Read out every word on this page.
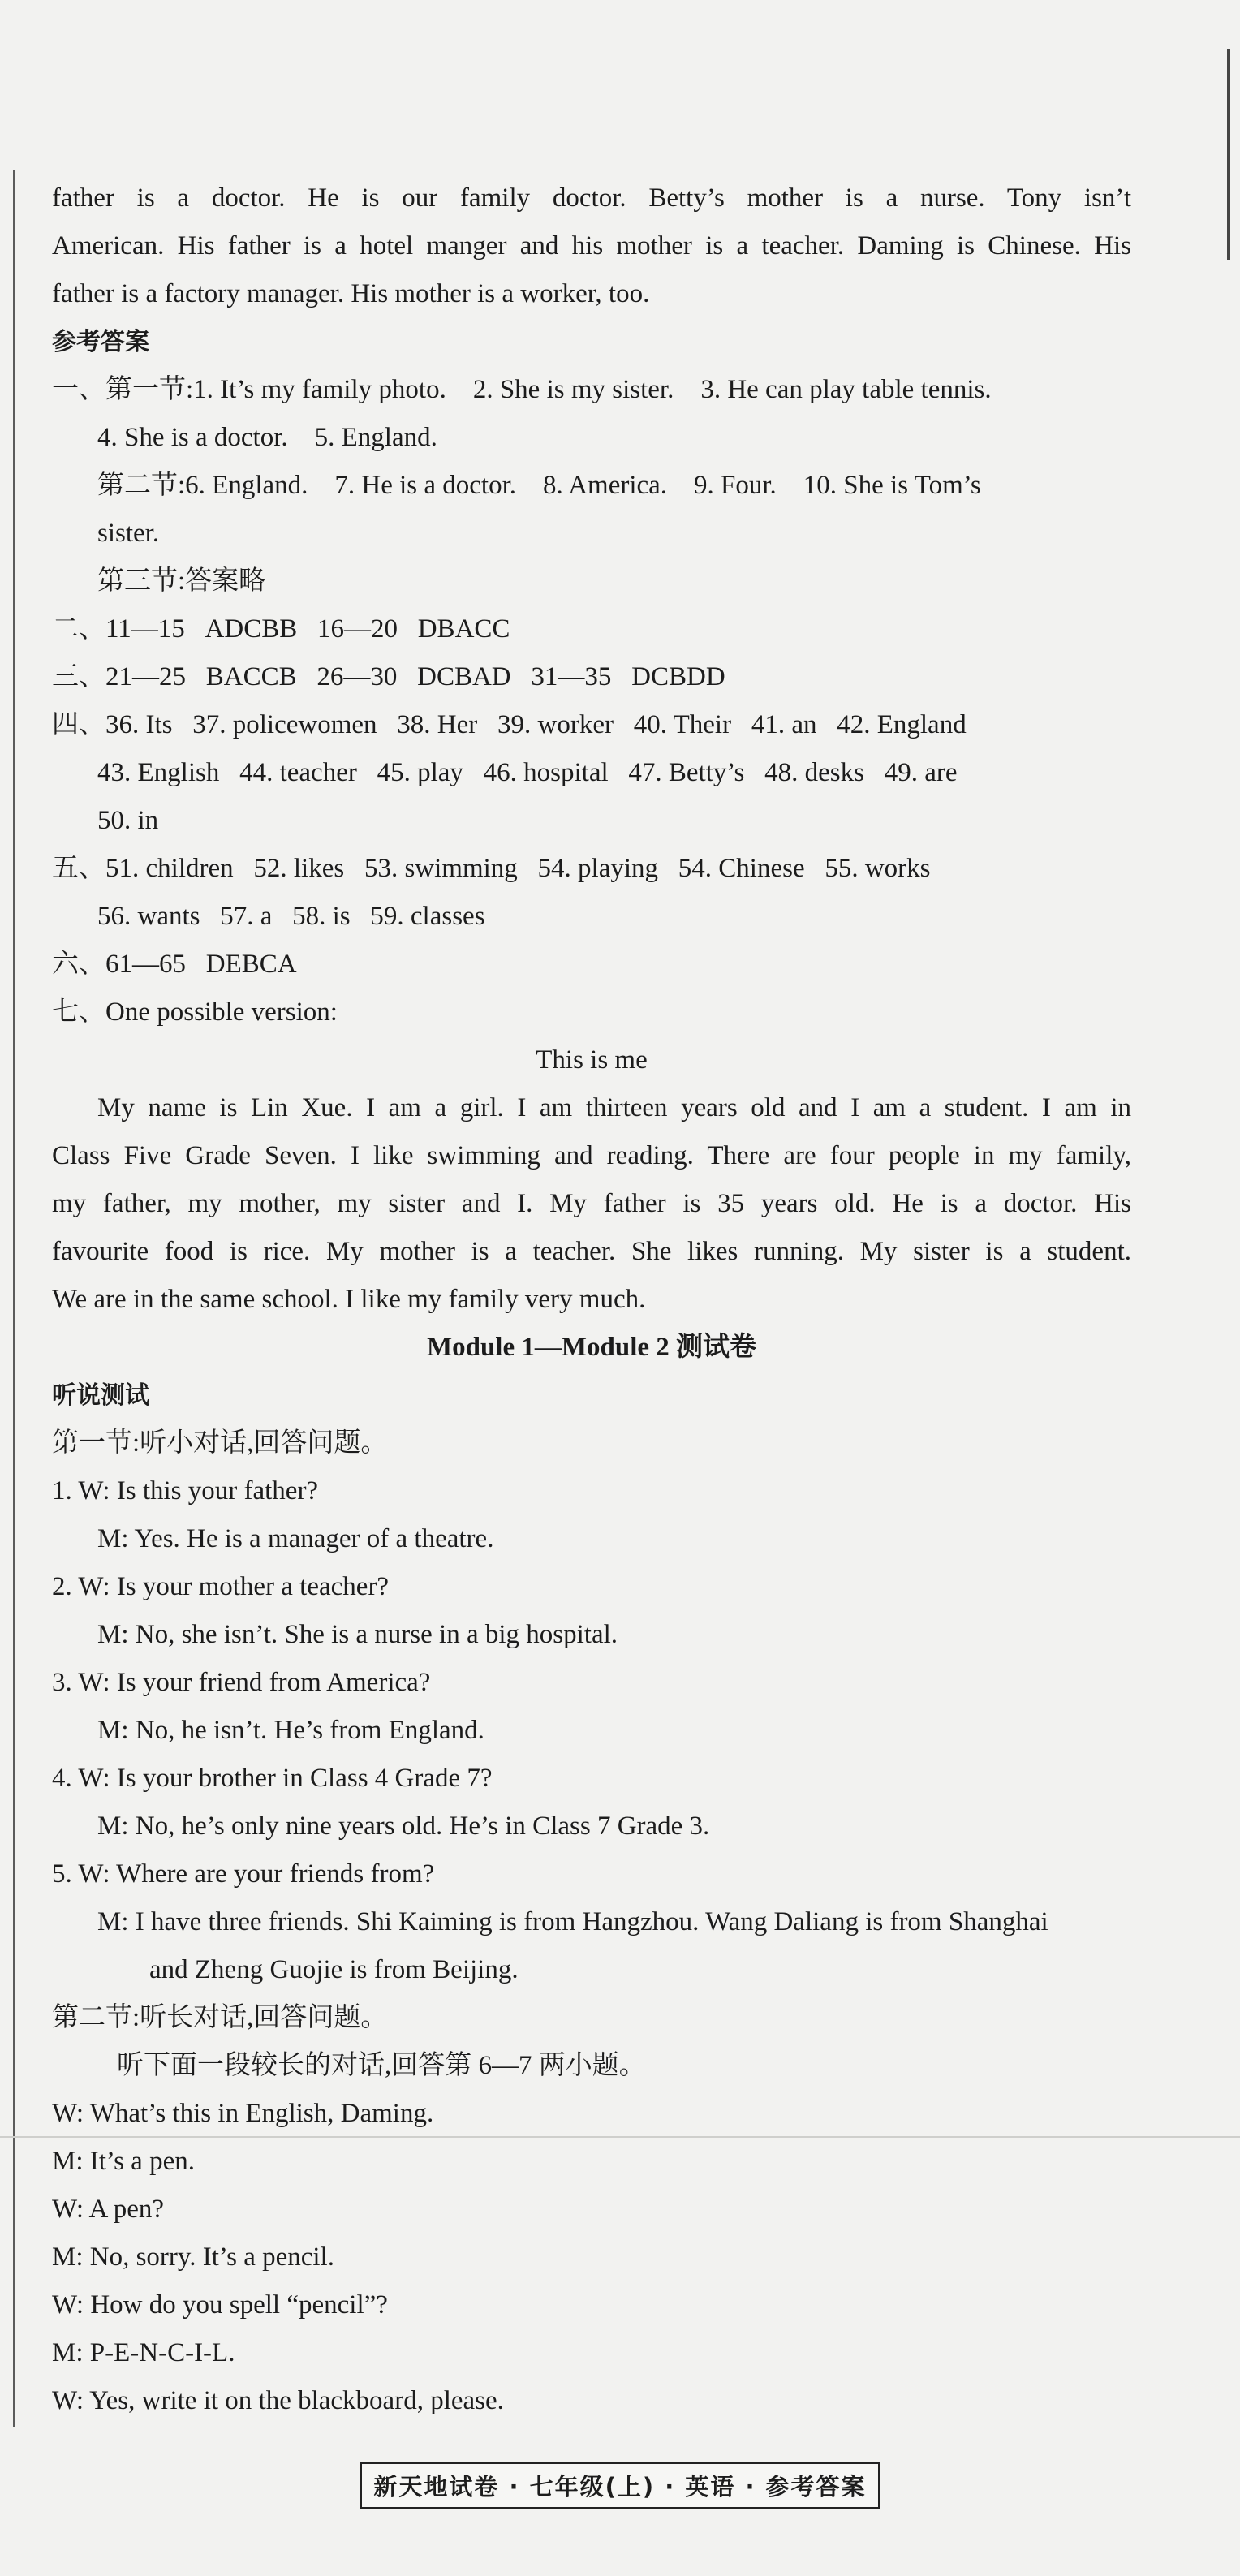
father is a doctor. He is our family doctor. Betty’s mother is a nurse. Tony isn’t
American. His father is a hotel manger and his mother is a teacher. Daming is Chinese. His
father is a factory manager. His mother is a worker, too.
参考答案
一、第一节:1. It’s my family photo.    2. She is my sister.    3. He can play table tennis.
4. She is a doctor.    5. England.
第二节:6. England.    7. He is a doctor.    8. America.    9. Four.    10. She is Tom’s
sister.
第三节:答案略
二、11—15   ADCBB   16—20   DBACC
三、21—25   BACCB   26—30   DCBAD   31—35   DCBDD
四、36. Its   37. policewomen   38. Her   39. worker   40. Their   41. an   42. England
43. English   44. teacher   45. play   46. hospital   47. Betty’s   48. desks   49. are
50. in
五、51. children   52. likes   53. swimming   54. playing   54. Chinese   55. works
56. wants   57. a   58. is   59. classes
六、61—65   DEBCA
七、One possible version:
This is me
My name is Lin Xue. I am a girl. I am thirteen years old and I am a student. I am in
Class Five Grade Seven. I like swimming and reading. There are four people in my family,
my father, my mother, my sister and I. My father is 35 years old. He is a doctor. His
favourite food is rice. My mother is a teacher. She likes running. My sister is a student.
We are in the same school. I like my family very much.
Module 1—Module 2 测试卷
听说测试
第一节:听小对话,回答问题。
1. W: Is this your father?
M: Yes. He is a manager of a theatre.
2. W: Is your mother a teacher?
M: No, she isn’t. She is a nurse in a big hospital.
3. W: Is your friend from America?
M: No, he isn’t. He’s from England.
4. W: Is your brother in Class 4 Grade 7?
M: No, he’s only nine years old. He’s in Class 7 Grade 3.
5. W: Where are your friends from?
M: I have three friends. Shi Kaiming is from Hangzhou. Wang Daliang is from Shanghai
and Zheng Guojie is from Beijing.
第二节:听长对话,回答问题。
听下面一段较长的对话,回答第 6—7 两小题。
W: What’s this in English, Daming.
M: It’s a pen.
W: A pen?
M: No, sorry. It’s a pencil.
W: How do you spell “pencil”?
M: P-E-N-C-I-L.
W: Yes, write it on the blackboard, please.
新天地试卷 · 七年级(上) · 英语 · 参考答案
